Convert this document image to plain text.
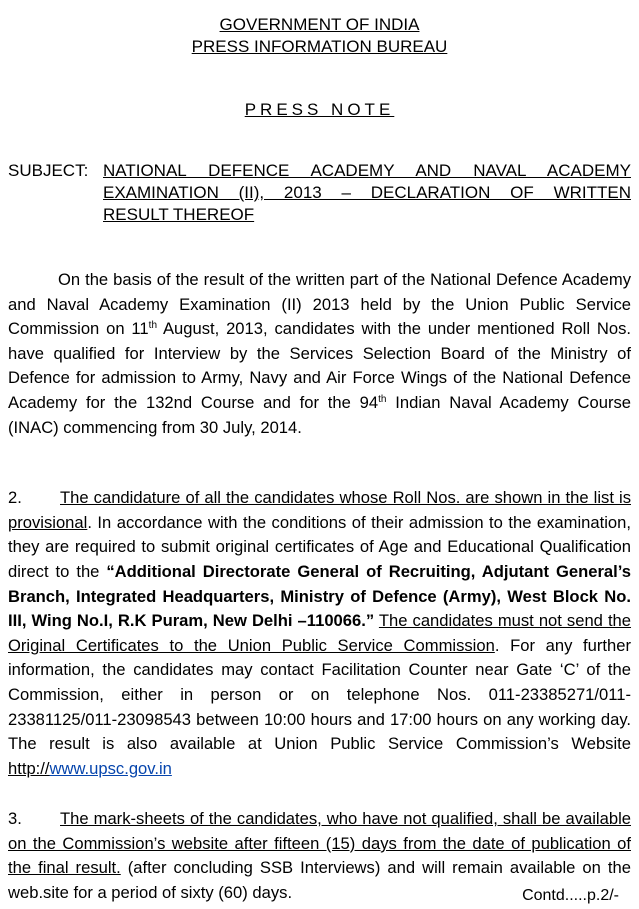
GOVERNMENT OF INDIA
PRESS INFORMATION BUREAU
PRESS NOTE
SUBJECT: NATIONAL DEFENCE ACADEMY AND NAVAL ACADEMY
EXAMINATION (II), 2013 – DECLARATION OF WRITTEN
RESULT THEREOF

On the basis of the result of the written part of the National Defence Academy and Naval Academy Examination (II) 2013 held by the Union Public Service Commission on 11th August, 2013, candidates with the under mentioned Roll Nos. have qualified for Interview by the Services Selection Board of the Ministry of Defence for admission to Army, Navy and Air Force Wings of the National Defence Academy for the 132nd Course and for the 94th Indian Naval Academy Course (INAC) commencing from 30 July, 2014.

2. The candidature of all the candidates whose Roll Nos. are shown in the list is provisional. In accordance with the conditions of their admission to the examination, they are required to submit original certificates of Age and Educational Qualification direct to the “Additional Directorate General of Recruiting, Adjutant General’s Branch, Integrated Headquarters, Ministry of Defence (Army), West Block No. III, Wing No.I, R.K Puram, New Delhi –110066.” The candidates must not send the Original Certificates to the Union Public Service Commission. For any further information, the candidates may contact Facilitation Counter near Gate ‘C’ of the Commission, either in person or on telephone Nos. 011-23385271/011-23381125/011-23098543 between 10:00 hours and 17:00 hours on any working day. The result is also available at Union Public Service Commission’s Website http://www.upsc.gov.in

3. The mark-sheets of the candidates, who have not qualified, shall be available on the Commission’s website after fifteen (15) days from the date of publication of the final result. (after concluding SSB Interviews) and will remain available on the web.site for a period of sixty (60) days.	Contd.....p.2/-
